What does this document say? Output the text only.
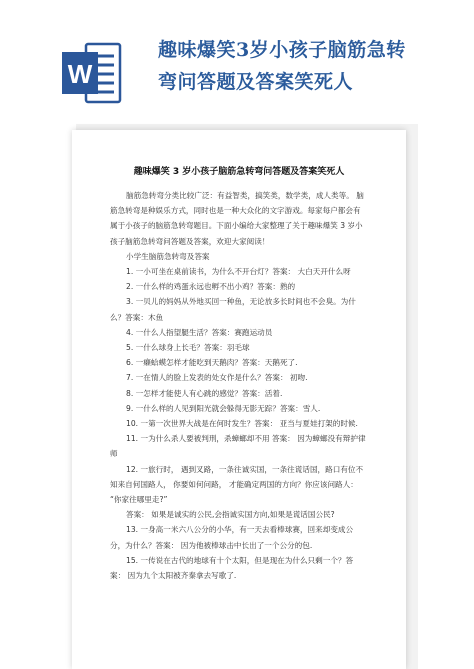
W
趣味爆笑3岁小孩子脑筋急转
弯问答题及答案笑死人
趣味爆笑 3 岁小孩子脑筋急转弯问答题及答案笑死人

脑筋急转弯分类比较广泛：有益智类，搞笑类，数学类，成人类等。 脑筋急转弯是种娱乐方式，同时也是一种大众化的文字游戏。每家每户都会有属于小孩子的脑筋急转弯题目。下面小编给大家整理了关于趣味爆笑 3 岁小孩子脑筋急转弯问答题及答案，欢迎大家阅读！

小学生脑筋急转弯及答案

1. 一小可坐在桌前读书，为什么不开台灯？答案： 大白天开什么呀

2. 一什么样的鸡蛋永远也孵不出小鸡？答案：熟的

3. 一贝儿的妈妈从外地买回一种鱼，无论放多长时间也不会臭。为什么？答案：木鱼

4. 一什么人指望腿生活？答案：赛跑运动员

5. 一什么球身上长毛？答案：羽毛球

6. 一癞蛤蟆怎样才能吃到天鹅肉？答案：天鹅死了.

7. 一在情人的脸上发表的处女作是什么？答案： 初吻.

8. 一怎样才能使人有心跳的感觉？答案：活着.

9. 一什么样的人见到阳光就会躲得无影无踪？答案：雪人.

10. 一第一次世界大战是在何时发生？答案： 亚当与夏娃打架的时候.

11. 一为什么杀人要被判刑，杀蟑螂却不用 答案： 因为蟑螂没有辩护律师

12. 一旅行时， 遇到叉路，一条往诚实国，一条往谎话国，路口有位不知来自何国路人， 你要如何问路， 才能确定两国的方向？你应该问路人： “你家往哪里走?”

答案： 如果是诚实的公民,会指诚实国方向,如果是谎话国公民?

13. 一身高一米六八公分的小华，有一天去看棒球赛，回来却变成公分，为什么？答案： 因为他被棒球击中长出了一个公分的包.

15. 一传说在古代的地球有十个太阳，但是现在为什么只剩一个？答案： 因为九个太阳被齐秦拿去写歌了.
